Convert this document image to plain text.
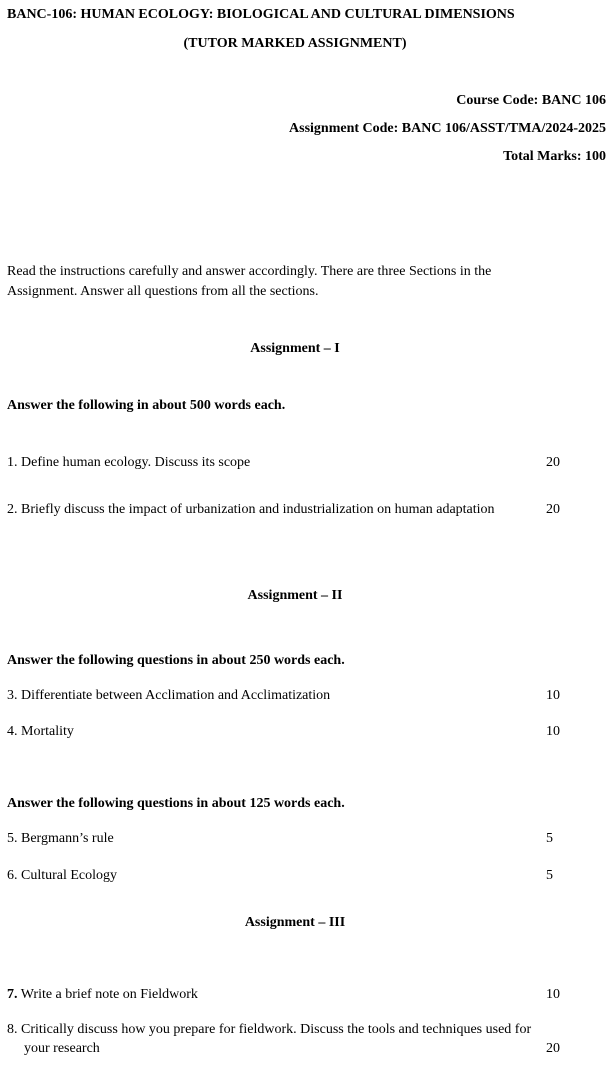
BANC-106: HUMAN ECOLOGY: BIOLOGICAL AND CULTURAL DIMENSIONS
(TUTOR MARKED ASSIGNMENT)
Course Code: BANC 106
Assignment Code: BANC 106/ASST/TMA/2024-2025
Total Marks: 100
Read the instructions carefully and answer accordingly. There are three Sections in the
Assignment. Answer all questions from all the sections.
Assignment – I
Answer the following in about 500 words each.
1. Define human ecology. Discuss its scope	20
2. Briefly discuss the impact of urbanization and industrialization on human adaptation	20
Assignment – II
Answer the following questions in about 250 words each.
3. Differentiate between Acclimation and Acclimatization	10
4. Mortality	10
Answer the following questions in about 125 words each.
5. Bergmann’s rule	5
6. Cultural Ecology	5
Assignment – III
7. Write a brief note on Fieldwork	10
8. Critically discuss how you prepare for fieldwork. Discuss the tools and techniques used for
your research	20
